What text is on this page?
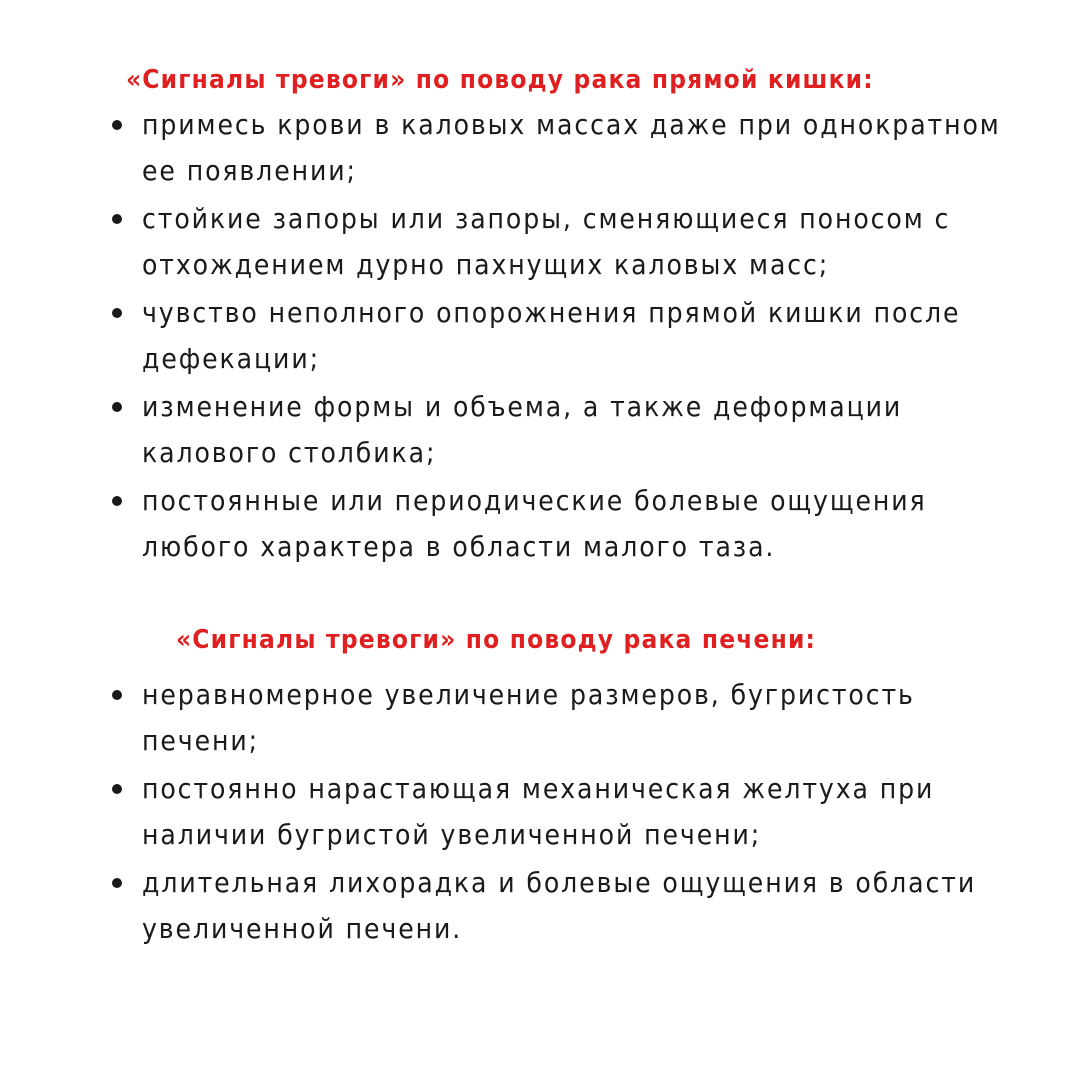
«Сигналы тревоги» по поводу рака прямой кишки:
примесь крови в каловых массах даже при однократном ее появлении;
стойкие запоры или запоры, сменяющиеся поносом с отхождением дурно пахнущих каловых масс;
чувство неполного опорожнения прямой кишки после дефекации;
изменение формы и объема, а также деформации калового столбика;
постоянные или периодические болевые ощущения любого характера в области малого таза.
«Сигналы тревоги» по поводу рака печени:
неравномерное увеличение размеров, бугристость печени;
постоянно нарастающая механическая желтуха при наличии бугристой увеличенной печени;
длительная лихорадка и болевые ощущения в области увеличенной печени.
